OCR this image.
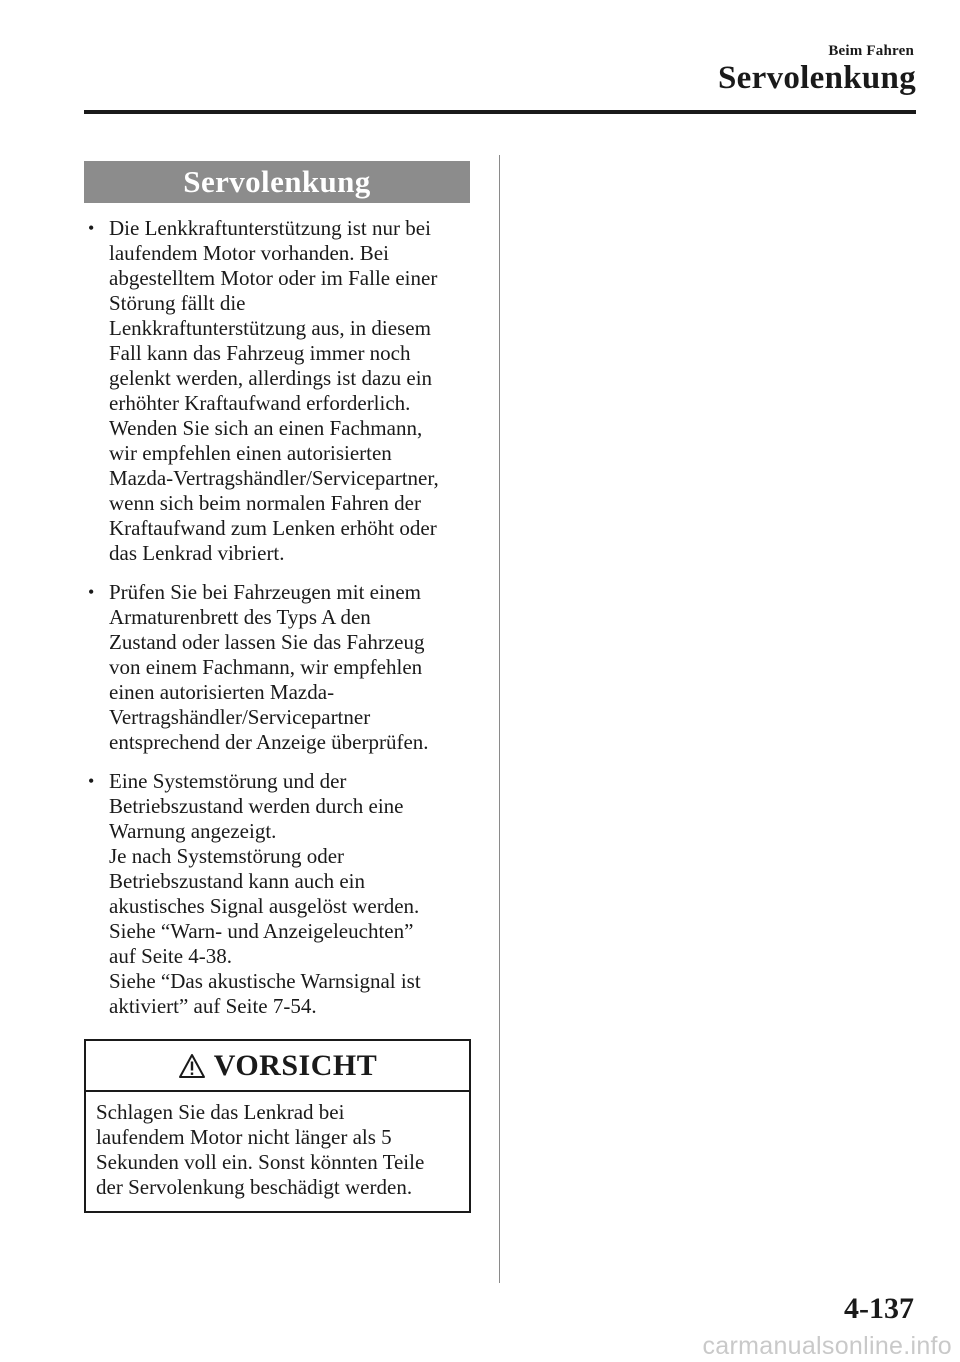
Beim Fahren
Servolenkung
Servolenkung
• Die Lenkkraftunterstützung ist nur bei
laufendem Motor vorhanden. Bei
abgestelltem Motor oder im Falle einer
Störung fällt die
Lenkkraftunterstützung aus, in diesem
Fall kann das Fahrzeug immer noch
gelenkt werden, allerdings ist dazu ein
erhöhter Kraftaufwand erforderlich.
Wenden Sie sich an einen Fachmann,
wir empfehlen einen autorisierten
Mazda-Vertragshändler/Servicepartner,
wenn sich beim normalen Fahren der
Kraftaufwand zum Lenken erhöht oder
das Lenkrad vibriert.
• Prüfen Sie bei Fahrzeugen mit einem
Armaturenbrett des Typs A den
Zustand oder lassen Sie das Fahrzeug
von einem Fachmann, wir empfehlen
einen autorisierten Mazda-
Vertragshändler/Servicepartner
entsprechend der Anzeige überprüfen.
• Eine Systemstörung und der
Betriebszustand werden durch eine
Warnung angezeigt.
Je nach Systemstörung oder
Betriebszustand kann auch ein
akustisches Signal ausgelöst werden.
Siehe “Warn- und Anzeigeleuchten”
auf Seite 4-38.
Siehe “Das akustische Warnsignal ist
aktiviert” auf Seite 7-54.
VORSICHT
Schlagen Sie das Lenkrad bei
laufendem Motor nicht länger als 5
Sekunden voll ein. Sonst könnten Teile
der Servolenkung beschädigt werden.
4-137
carmanualsonline.info
